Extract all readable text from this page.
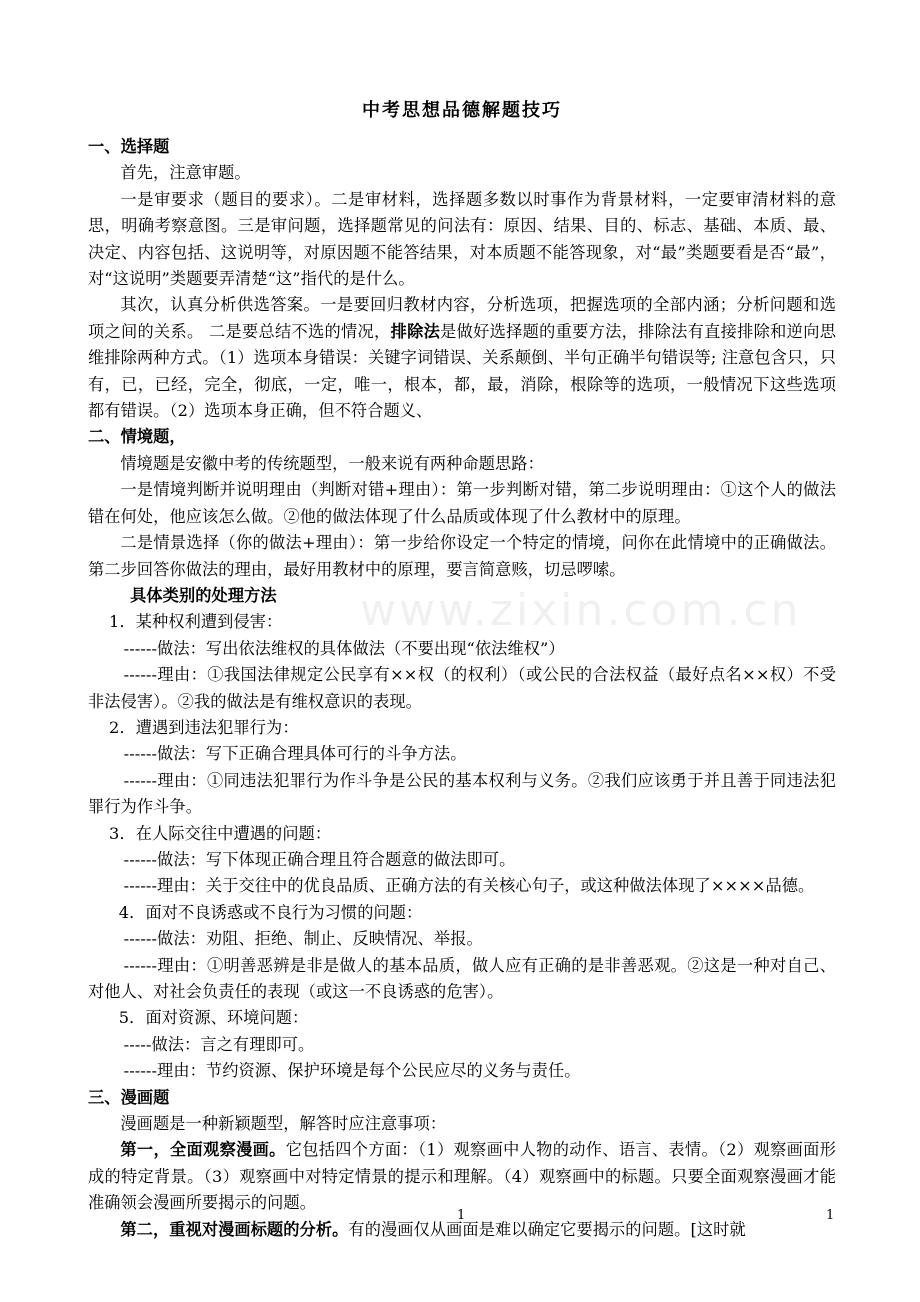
www.zixin.com.cn
中考思想品德解题技巧

一、选择题

首先，注意审题。

一是审要求（题目的要求）。二是审材料，选择题多数以时事作为背景材料，一定要审清材料的意思，明确考察意图。三是审问题，选择题常见的问法有：原因、结果、目的、标志、基础、本质、最、决定、内容包括、这说明等，对原因题不能答结果，对本质题不能答现象，对“最”类题要看是否“最”，对“这说明”类题要弄清楚“这”指代的是什么。

其次，认真分析供选答案。一是要回归教材内容，分析选项，把握选项的全部内涵；分析问题和选项之间的关系。 二是要总结不选的情况，排除法是做好选择题的重要方法，排除法有直接排除和逆向思维排除两种方式。（1）选项本身错误：关键字词错误、关系颠倒、半句正确半句错误等; 注意包含只，只有，已，已经，完全，彻底，一定，唯一，根本，都，最，消除，根除等的选项，一般情况下这些选项都有错误。（2）选项本身正确，但不符合题义、

二、情境题，

情境题是安徽中考的传统题型，一般来说有两种命题思路：

一是情境判断并说明理由（判断对错+理由）：第一步判断对错，第二步说明理由：①这个人的做法错在何处，他应该怎么做。②他的做法体现了什么品质或体现了什么教材中的原理。

二是情景选择（你的做法+理由）：第一步给你设定一个特定的情境，问你在此情境中的正确做法。第二步回答你做法的理由，最好用教材中的原理，要言简意赅，切忌啰嗦。

具体类别的处理方法

1．某种权利遭到侵害：

------做法：写出依法维权的具体做法（不要出现“依法维权”）

------理由：①我国法律规定公民享有××权（的权利）（或公民的合法权益（最好点名××权）不受非法侵害）。②我的做法是有维权意识的表现。

2．遭遇到违法犯罪行为：

------做法：写下正确合理具体可行的斗争方法。

------理由：①同违法犯罪行为作斗争是公民的基本权利与义务。②我们应该勇于并且善于同违法犯罪行为作斗争。

3．在人际交往中遭遇的问题：

------做法：写下体现正确合理且符合题意的做法即可。

------理由：关于交往中的优良品质、正确方法的有关核心句子，或这种做法体现了××××品德。

4．面对不良诱惑或不良行为习惯的问题：

------做法：劝阻、拒绝、制止、反映情况、举报。

------理由：①明善恶辨是非是做人的基本品质，做人应有正确的是非善恶观。②这是一种对自己、对他人、对社会负责任的表现（或这一不良诱惑的危害）。

5．面对资源、环境问题：

-----做法：言之有理即可。

------理由：节约资源、保护环境是每个公民应尽的义务与责任。

三、漫画题

漫画题是一种新颖题型，解答时应注意事项：

第一，全面观察漫画。它包括四个方面：（1）观察画中人物的动作、语言、表情。（2）观察画面形成的特定背景。（3）观察画中对特定情景的提示和理解。（4）观察画中的标题。只要全面观察漫画才能准确领会漫画所要揭示的问题。

第二，重视对漫画标题的分析。有的漫画仅从画面是难以确定它要揭示的问题。[这时就

1	1
